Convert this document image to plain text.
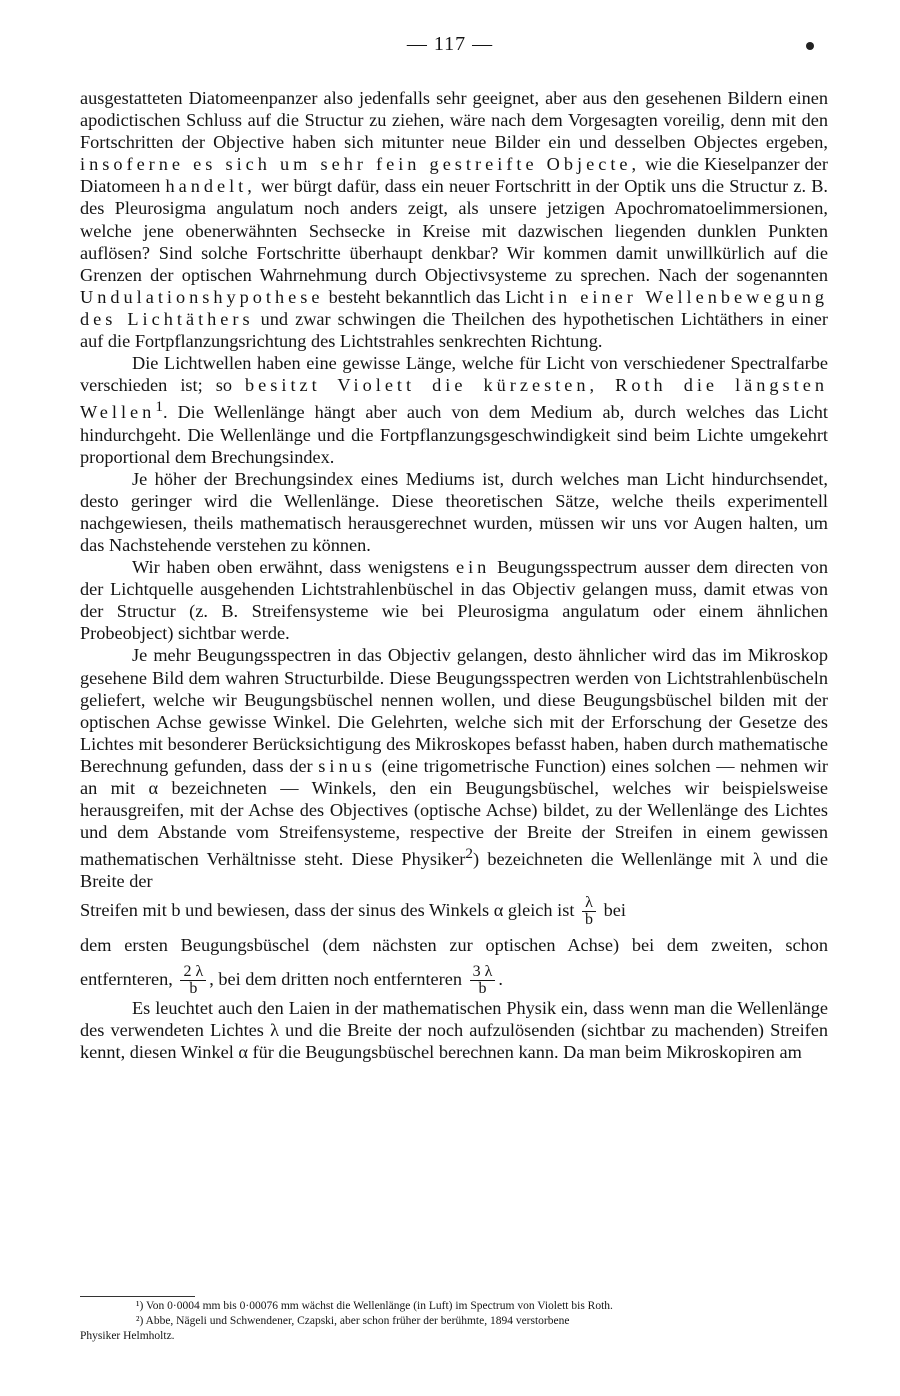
— 117 —

ausgestatteten Diatomeenpanzer also jedenfalls sehr geeignet, aber aus den gesehenen Bildern einen apodictischen Schluss auf die Structur zu ziehen, wäre nach dem Vorgesagten voreilig, denn mit den Fortschritten der Objective haben sich mitunter neue Bilder ein und desselben Objectes ergeben, insoferne es sich um sehr fein gestreifte Objecte, wie die Kieselpanzer der Diatomeen handelt, wer bürgt dafür, dass ein neuer Fortschritt in der Optik uns die Structur z. B. des Pleurosigma angulatum noch anders zeigt, als unsere jetzigen Apochromatoelimmersionen, welche jene obenerwähnten Sechsecke in Kreise mit dazwischen liegenden dunklen Punkten auflösen? Sind solche Fortschritte überhaupt denkbar? Wir kommen damit unwillkürlich auf die Grenzen der optischen Wahrnehmung durch Objectivsysteme zu sprechen. Nach der sogenannten Undulationshypothese besteht bekanntlich das Licht in einer Wellenbewegung des Lichtäthers und zwar schwingen die Theilchen des hypothetischen Lichtäthers in einer auf die Fortpflanzungsrichtung des Lichtstrahles senkrechten Richtung.

Die Lichtwellen haben eine gewisse Länge, welche für Licht von verschiedener Spectralfarbe verschieden ist; so besitzt Violett die kürzesten, Roth die längsten Wellen$^1$. Die Wellenlänge hängt aber auch von dem Medium ab, durch welches das Licht hindurchgeht. Die Wellenlänge und die Fortpflanzungsgeschwindigkeit sind beim Lichte umgekehrt proportional dem Brechungsindex.

Je höher der Brechungsindex eines Mediums ist, durch welches man Licht hindurchsendet, desto geringer wird die Wellenlänge. Diese theoretischen Sätze, welche theils experimentell nachgewiesen, theils mathematisch herausgerechnet wurden, müssen wir uns vor Augen halten, um das Nachstehende verstehen zu können.

Wir haben oben erwähnt, dass wenigstens ein Beugungsspectrum ausser dem directen von der Lichtquelle ausgehenden Lichtstrahlenbüschel in das Objectiv gelangen muss, damit etwas von der Structur (z. B. Streifensysteme wie bei Pleurosigma angulatum oder einem ähnlichen Probeobject) sichtbar werde.

Je mehr Beugungsspectren in das Objectiv gelangen, desto ähnlicher wird das im Mikroskop gesehene Bild dem wahren Structurbilde. Diese Beugungsspectren werden von Lichtstrahlenbüscheln geliefert, welche wir Beugungsbüschel nennen wollen, und diese Beugungsbüschel bilden mit der optischen Achse gewisse Winkel. Die Gelehrten, welche sich mit der Erforschung der Gesetze des Lichtes mit besonderer Berücksichtigung des Mikroskopes befasst haben, haben durch mathematische Berechnung gefunden, dass der sinus (eine trigometrische Function) eines solchen — nehmen wir an mit α bezeichneten — Winkels, den ein Beugungsbüschel, welches wir beispielsweise herausgreifen, mit der Achse des Objectives (optische Achse) bildet, zu der Wellenlänge des Lichtes und dem Abstande vom Streifensysteme, respective der Breite der Streifen in einem gewissen mathematischen Verhältnisse steht. Diese Physiker$^2$) bezeichneten die Wellenlänge mit λ und die Breite der

Streifen mit b und bewiesen, dass der sinus des Winkels α gleich ist $\frac{\lambda}{b}$ bei

dem ersten Beugungsbüschel (dem nächsten zur optischen Achse) bei dem zweiten, schon entfernteren, $\frac{2 \lambda}{b}$ , bei dem dritten noch entfernteren $\frac{3 \lambda}{b}$ .

Es leuchtet auch den Laien in der mathematischen Physik ein, dass wenn man die Wellenlänge des verwendeten Lichtes λ und die Breite der noch aufzulösenden (sichtbar zu machenden) Streifen kennt, diesen Winkel α für die Beugungsbüschel berechnen kann. Da man beim Mikroskopiren am

¹) Von 0·0004 mm bis 0·00076 mm wächst die Wellenlänge (in Luft) im Spectrum von Violett bis Roth.

²) Abbe, Nägeli und Schwendener, Czapski, aber schon früher der berühmte, 1894 verstorbene

Physiker Helmholtz.
